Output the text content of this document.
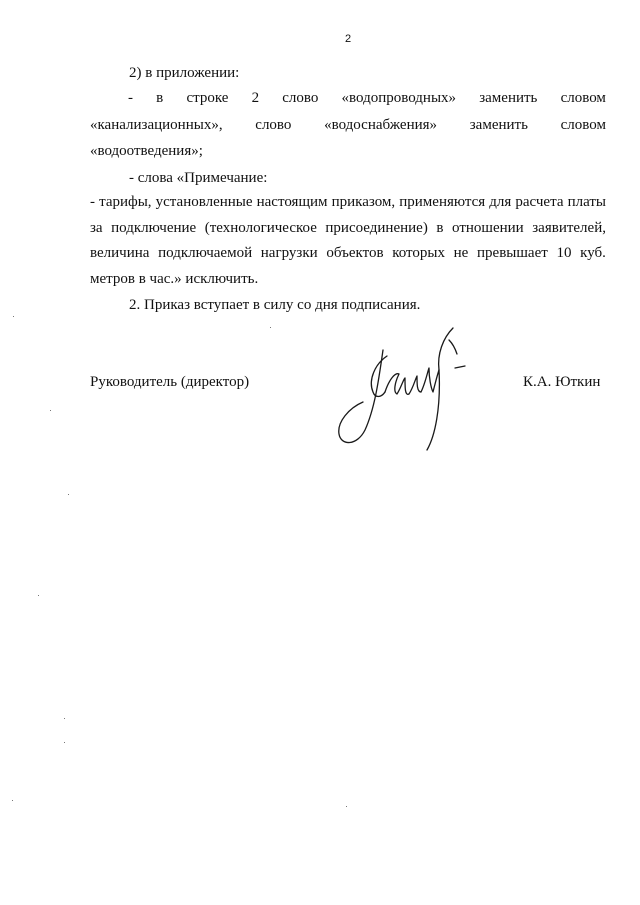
2
2) в приложении:
- в строке 2 слово «водопроводных» заменить словом
«канализационных», слово «водоснабжения» заменить словом
«водоотведения»;
- слова «Примечание:
- тарифы, установленные настоящим приказом, применяются для расчета платы
за подключение (технологическое присоединение) в отношении заявителей,
величина подключаемой нагрузки объектов которых не превышает 10 куб.
метров в час.» исключить.
2. Приказ вступает в силу со дня подписания.
Руководитель (директор)	К.А. Юткин
